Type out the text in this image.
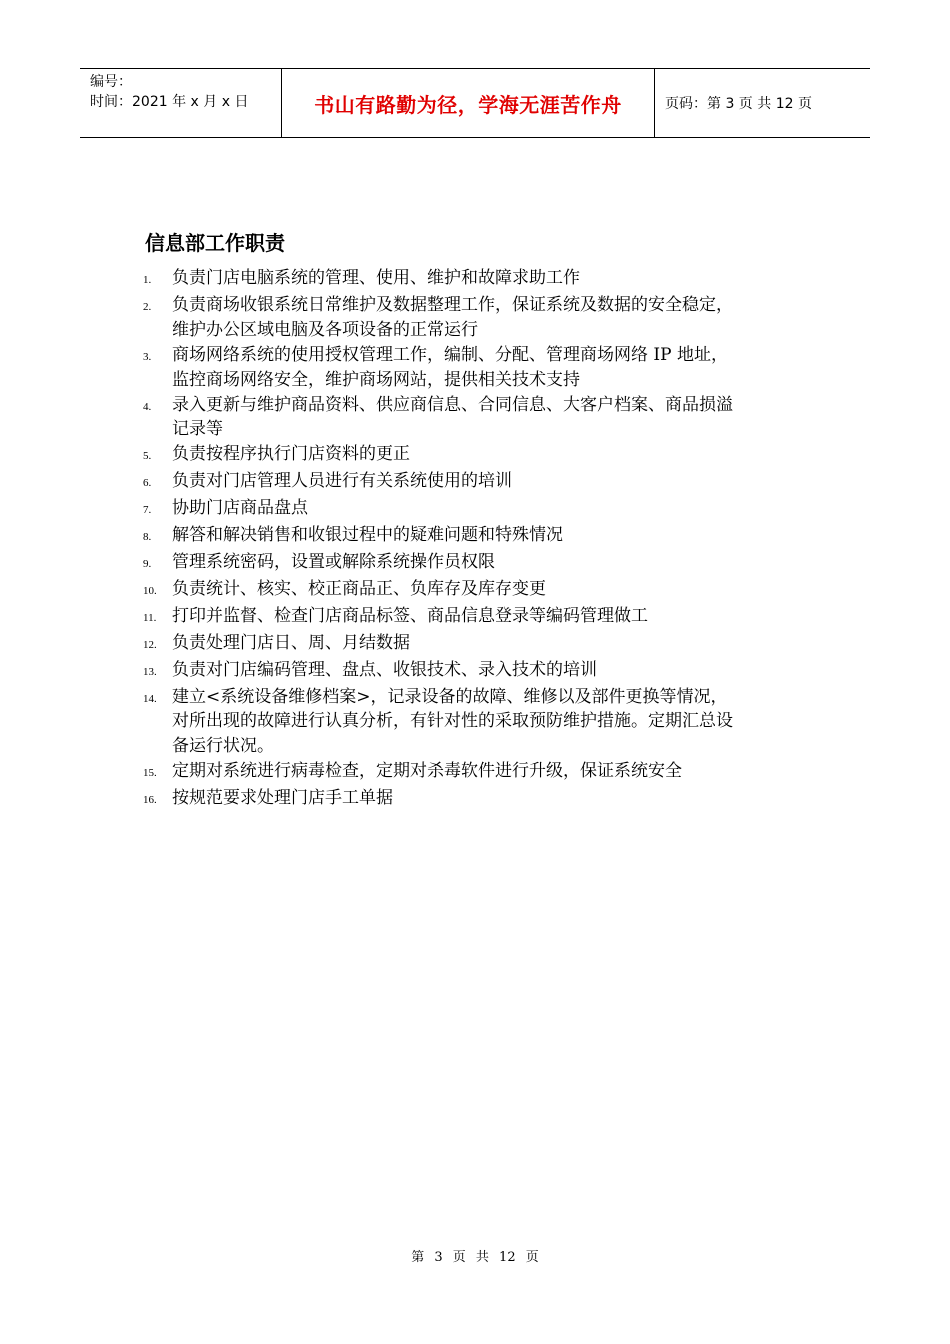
编号：
时间：2021 年 x 月 x 日	书山有路勤为径，学海无涯苦作舟	页码：第 3 页 共 12 页
信息部工作职责
1.	负责门店电脑系统的管理、使用、维护和故障求助工作
2.	负责商场收银系统日常维护及数据整理工作，保证系统及数据的安全稳定，
维护办公区域电脑及各项设备的正常运行
3.	商场网络系统的使用授权管理工作，编制、分配、管理商场网络 IP 地址，
监控商场网络安全，维护商场网站，提供相关技术支持
4.	录入更新与维护商品资料、供应商信息、合同信息、大客户档案、商品损溢
记录等
5.	负责按程序执行门店资料的更正
6.	负责对门店管理人员进行有关系统使用的培训
7.	协助门店商品盘点
8.	解答和解决销售和收银过程中的疑难问题和特殊情况
9.	管理系统密码，设置或解除系统操作员权限
10. 负责统计、核实、校正商品正、负库存及库存变更
11. 打印并监督、检查门店商品标签、商品信息登录等编码管理做工
12. 负责处理门店日、周、月结数据
13. 负责对门店编码管理、盘点、收银技术、录入技术的培训
14. 建立<系统设备维修档案>，记录设备的故障、维修以及部件更换等情况，
对所出现的故障进行认真分析，有针对性的采取预防维护措施。定期汇总设
备运行状况。
15. 定期对系统进行病毒检查，定期对杀毒软件进行升级，保证系统安全
16. 按规范要求处理门店手工单据
第 3 页 共 12 页
